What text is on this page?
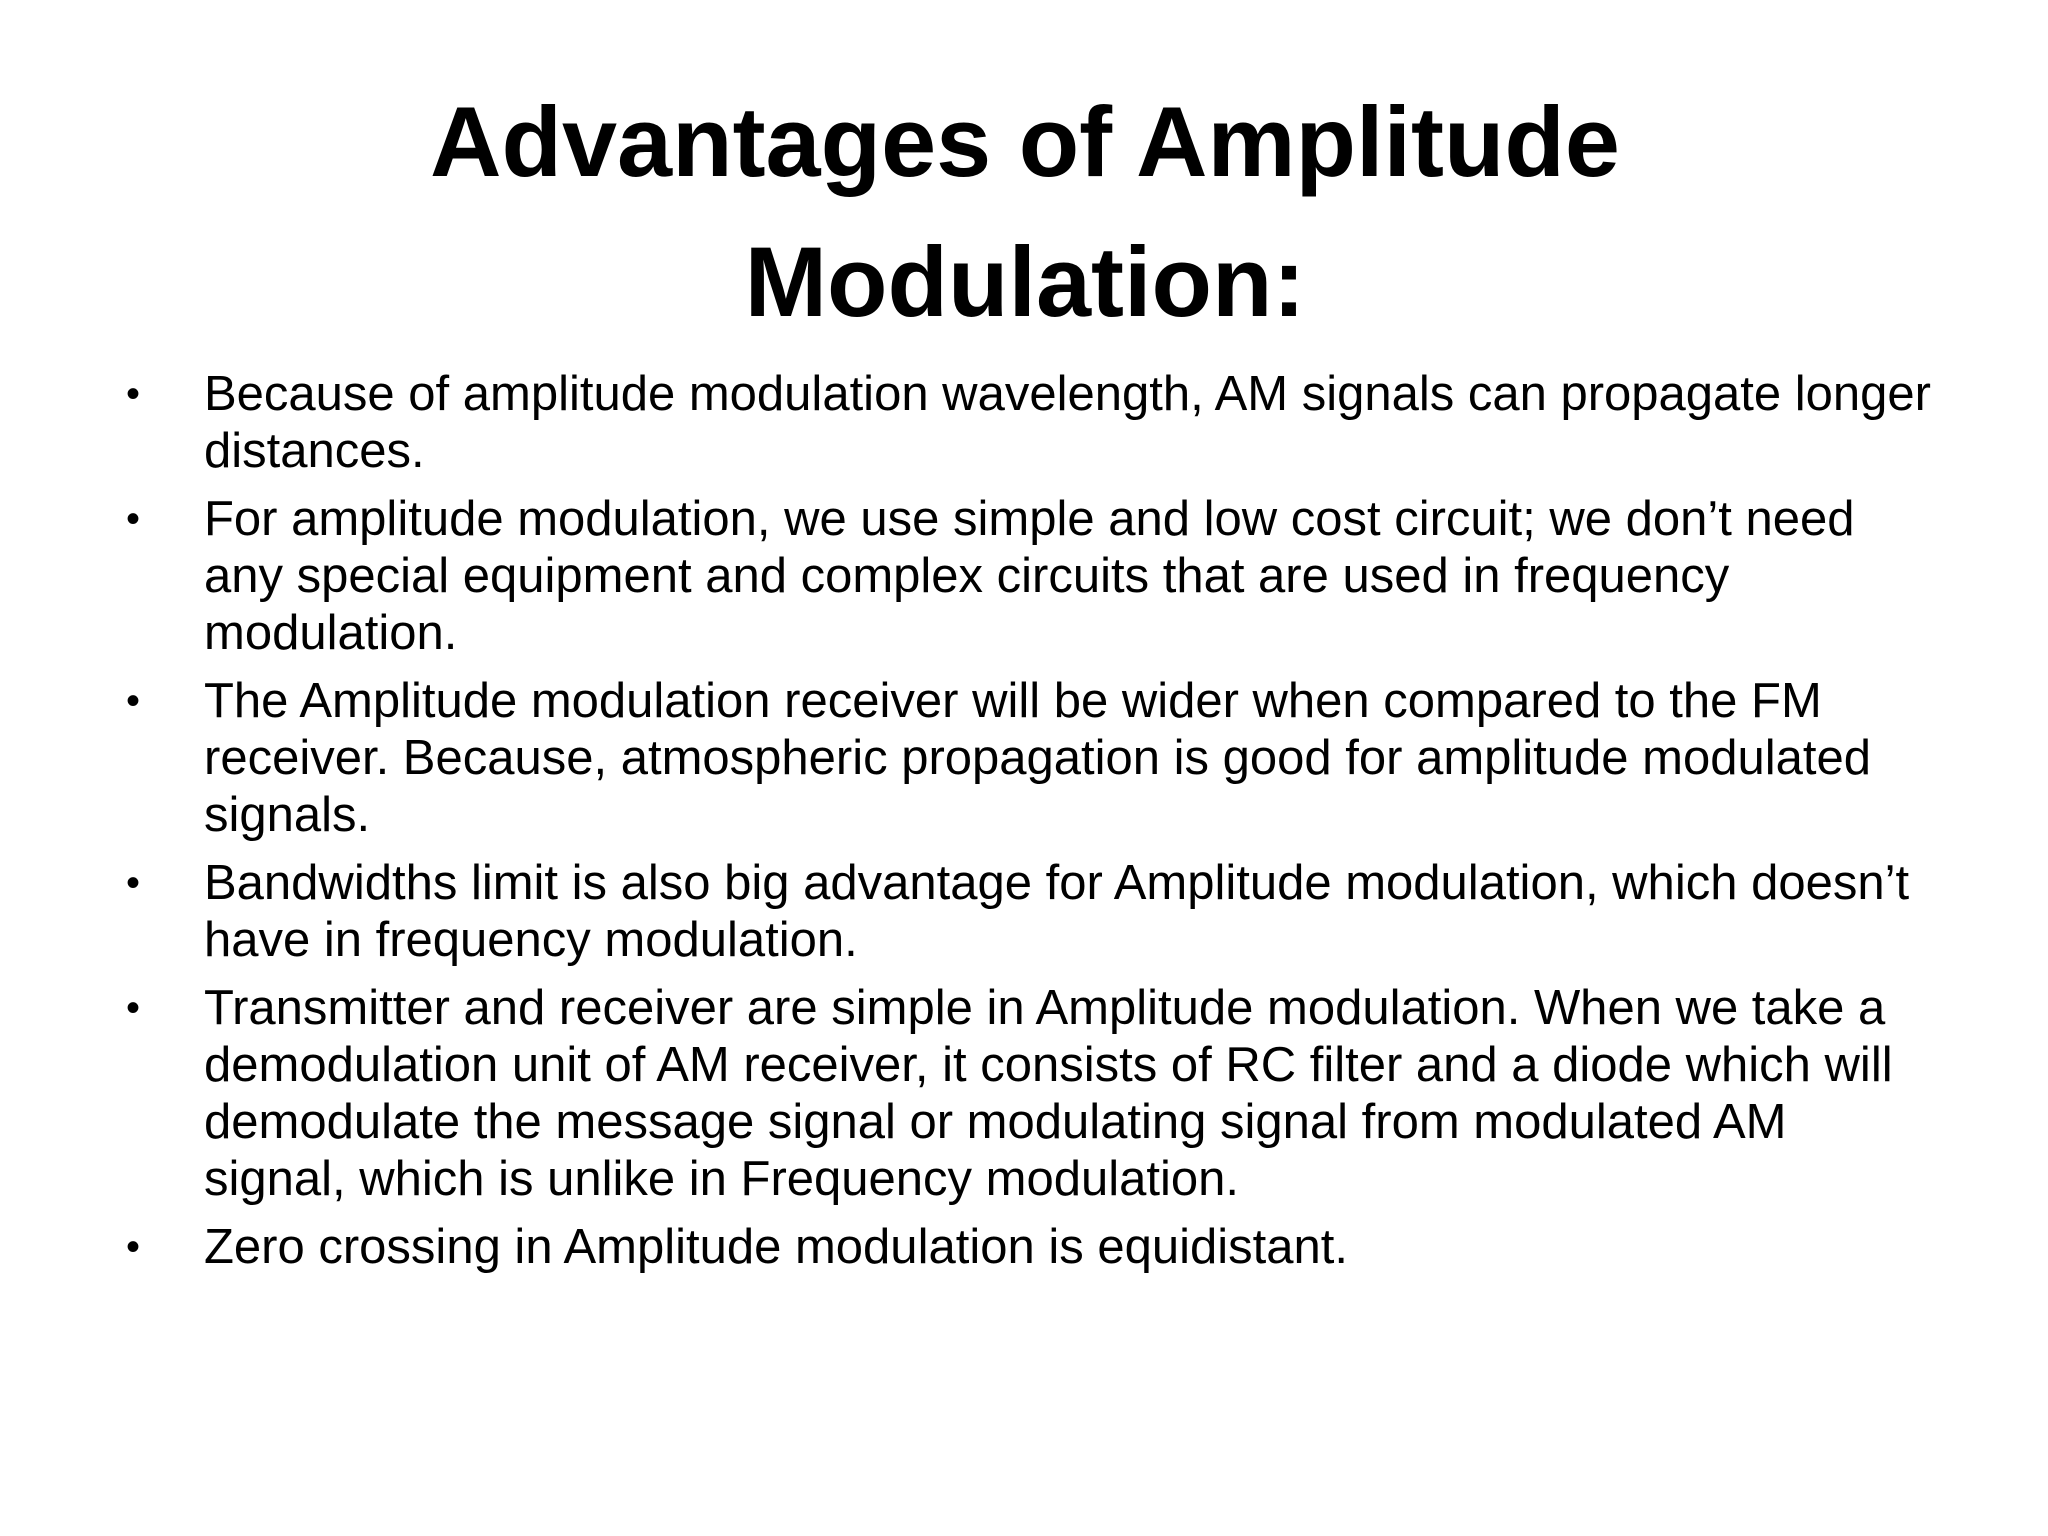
Advantages of Amplitude Modulation:
• Because of amplitude modulation wavelength, AM signals can propagate longer distances.
• For amplitude modulation, we use simple and low cost circuit; we don’t need any special equipment and complex circuits that are used in frequency modulation.
• The Amplitude modulation receiver will be wider when compared to the FM receiver. Because, atmospheric propagation is good for amplitude modulated signals.
• Bandwidths limit is also big advantage for Amplitude modulation, which doesn’t have in frequency modulation.
• Transmitter and receiver are simple in Amplitude modulation. When we take a demodulation unit of AM receiver, it consists of RC filter and a diode which will demodulate the message signal or modulating signal from modulated AM signal, which is unlike in Frequency modulation.
• Zero crossing in Amplitude modulation is equidistant.
